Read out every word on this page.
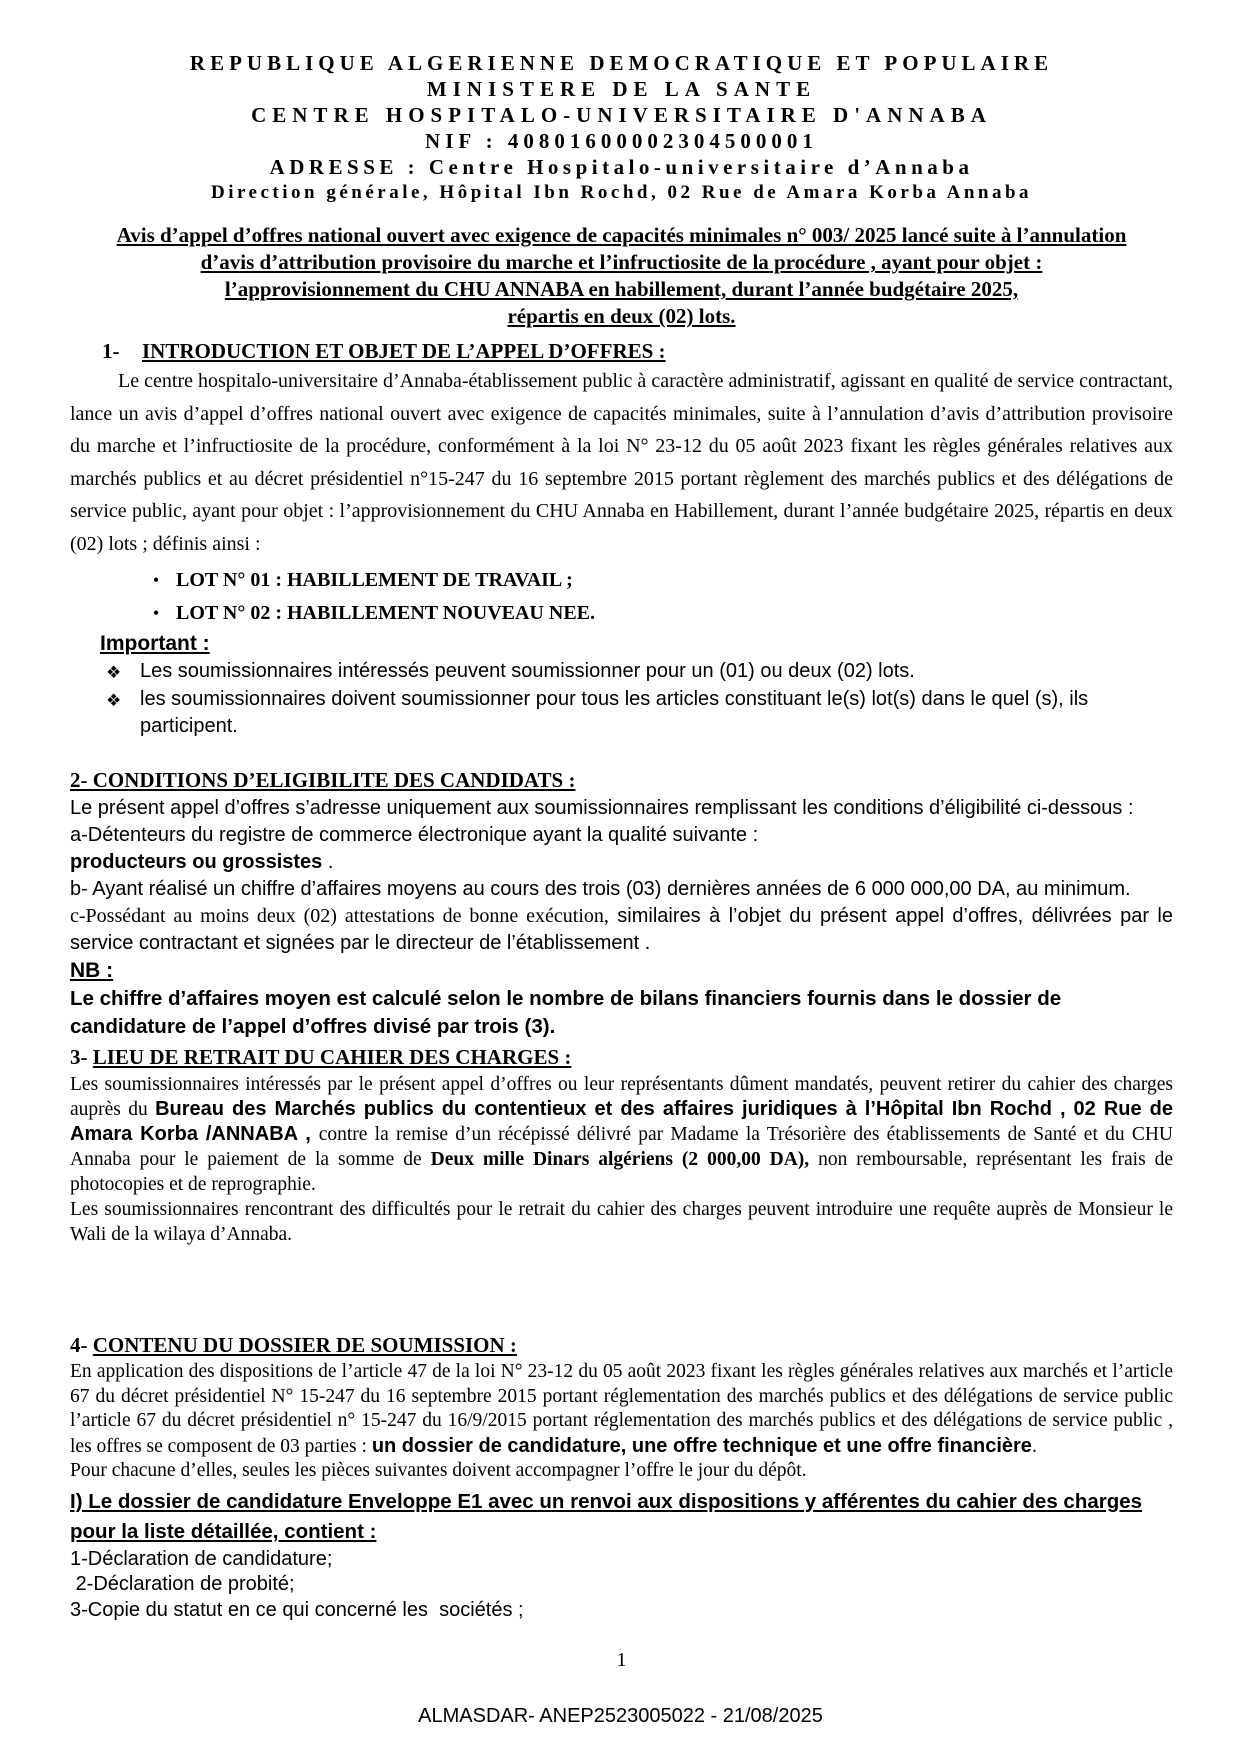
REPUBLIQUE ALGERIENNE DEMOCRATIQUE ET POPULAIRE
MINISTERE DE LA SANTE
CENTRE HOSPITALO-UNIVERSITAIRE D'ANNABA
NIF : 40801600002304500001
ADRESSE : Centre Hospitalo-universitaire d’Annaba
Direction générale, Hôpital Ibn Rochd, 02 Rue de Amara Korba Annaba
Avis d’appel d’offres national ouvert avec exigence de capacités minimales n° 003/ 2025 lancé suite à l’annulation
d’avis d’attribution provisoire du marche et l’infructiosite de la procédure , ayant pour objet :
l’approvisionnement du CHU ANNABA en habillement, durant l’année budgétaire 2025,
répartis en deux (02) lots.
1- INTRODUCTION ET OBJET DE L’APPEL D’OFFRES :

Le centre hospitalo-universitaire d’Annaba-établissement public à caractère administratif, agissant en qualité de service contractant, lance un avis d’appel d’offres national ouvert avec exigence de capacités minimales, suite à l’annulation d’avis d’attribution provisoire du marche et l’infructiosite de la procédure, conformément à la loi N° 23-12 du 05 août 2023 fixant les règles générales relatives aux marchés publics et au décret présidentiel n°15-247 du 16 septembre 2015 portant règlement des marchés publics et des délégations de service public, ayant pour objet : l’approvisionnement du CHU Annaba en Habillement, durant l’année budgétaire 2025, répartis en deux (02) lots ; définis ainsi :

• LOT N° 01 : HABILLEMENT DE TRAVAIL ;
• LOT N° 02 : HABILLEMENT NOUVEAU NEE.
Important :
❖ Les soumissionnaires intéressés peuvent soumissionner pour un (01) ou deux (02) lots.
❖ les soumissionnaires doivent soumissionner pour tous les articles constituant le(s) lot(s) dans le quel (s), ils participent.
2- CONDITIONS D’ELIGIBILITE DES CANDIDATS :
Le présent appel d’offres s’adresse uniquement aux soumissionnaires remplissant les conditions d’éligibilité ci-dessous :
a-Détenteurs du registre de commerce électronique ayant la qualité suivante :
producteurs ou grossistes .
b- Ayant réalisé un chiffre d’affaires moyens au cours des trois (03) dernières années de 6 000 000,00 DA, au minimum.
c-Possédant au moins deux (02) attestations de bonne exécution, similaires à l’objet du présent appel d’offres, délivrées par le service contractant et signées par le directeur de l’établissement .
NB :
Le chiffre d’affaires moyen est calculé selon le nombre de bilans financiers fournis dans le dossier de candidature de l’appel d’offres divisé par trois (3).
3- LIEU DE RETRAIT DU CAHIER DES CHARGES :

Les soumissionnaires intéressés par le présent appel d’offres ou leur représentants dûment mandatés, peuvent retirer du cahier des charges auprès du Bureau des Marchés publics du contentieux et des affaires juridiques à l’Hôpital Ibn Rochd , 02 Rue de Amara Korba /ANNABA , contre la remise d’un récépissé délivré par Madame la Trésorière des établissements de Santé et du CHU Annaba pour le paiement de la somme de Deux mille Dinars algériens (2 000,00 DA), non remboursable, représentant les frais de photocopies et de reprographie.

Les soumissionnaires rencontrant des difficultés pour le retrait du cahier des charges peuvent introduire une requête auprès de Monsieur le Wali de la wilaya d’Annaba.

4- CONTENU DU DOSSIER DE SOUMISSION :

En application des dispositions de l’article 47 de la loi N° 23-12 du 05 août 2023 fixant les règles générales relatives aux marchés et l’article 67 du décret présidentiel N° 15-247 du 16 septembre 2015 portant réglementation des marchés publics et des délégations de service public l’article 67 du décret présidentiel n° 15-247 du 16/9/2015 portant réglementation des marchés publics et des délégations de service public , les offres se composent de 03 parties : un dossier de candidature, une offre technique et une offre financière.

Pour chacune d’elles, seules les pièces suivantes doivent accompagner l’offre le jour du dépôt.

I) Le dossier de candidature Enveloppe E1 avec un renvoi aux dispositions y afférentes du cahier des charges pour la liste détaillée, contient :
1-Déclaration de candidature;
2-Déclaration de probité;
3-Copie du statut en ce qui concerné les  sociétés ;
1
ALMASDAR- ANEP2523005022 - 21/08/2025
